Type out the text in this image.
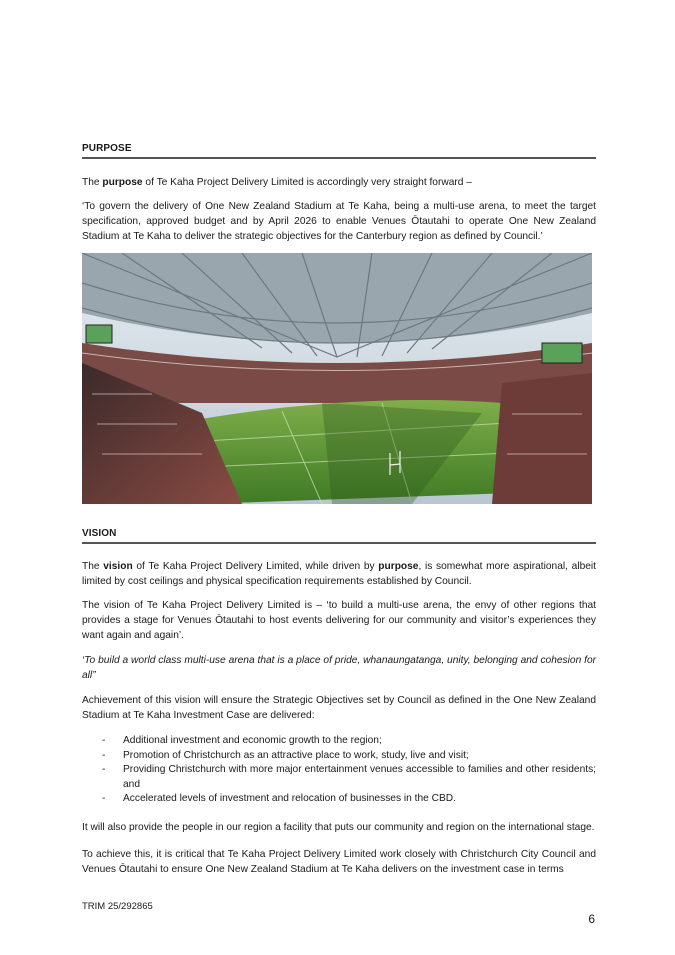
PURPOSE

The purpose of Te Kaha Project Delivery Limited is accordingly very straight forward –

‘To govern the delivery of One New Zealand Stadium at Te Kaha, being a multi-use arena, to meet the target specification, approved budget and by April 2026 to enable Venues Ōtautahi to operate One New Zealand Stadium at Te Kaha to deliver the strategic objectives for the Canterbury region as defined by Council.’

VISION

The vision of Te Kaha Project Delivery Limited, while driven by purpose, is somewhat more aspirational, albeit limited by cost ceilings and physical specification requirements established by Council.

The vision of Te Kaha Project Delivery Limited is – ‘to build a multi-use arena, the envy of other regions that provides a stage for Venues Ōtautahi to host events delivering for our community and visitor’s experiences they want again and again’.

‘To build a world class multi-use arena that is a place of pride, whanaungatanga, unity, belonging and cohesion for all”

Achievement of this vision will ensure the Strategic Objectives set by Council as defined in the One New Zealand Stadium at Te Kaha Investment Case are delivered:

- Additional investment and economic growth to the region;
- Promotion of Christchurch as an attractive place to work, study, live and visit;
- Providing Christchurch with more major entertainment venues accessible to families and other residents; and
- Accelerated levels of investment and relocation of businesses in the CBD.

It will also provide the people in our region a facility that puts our community and region on the international stage.

To achieve this, it is critical that Te Kaha Project Delivery Limited work closely with Christchurch City Council and Venues Ōtautahi to ensure One New Zealand Stadium at Te Kaha delivers on the investment case in terms

TRIM 25/292865
6
